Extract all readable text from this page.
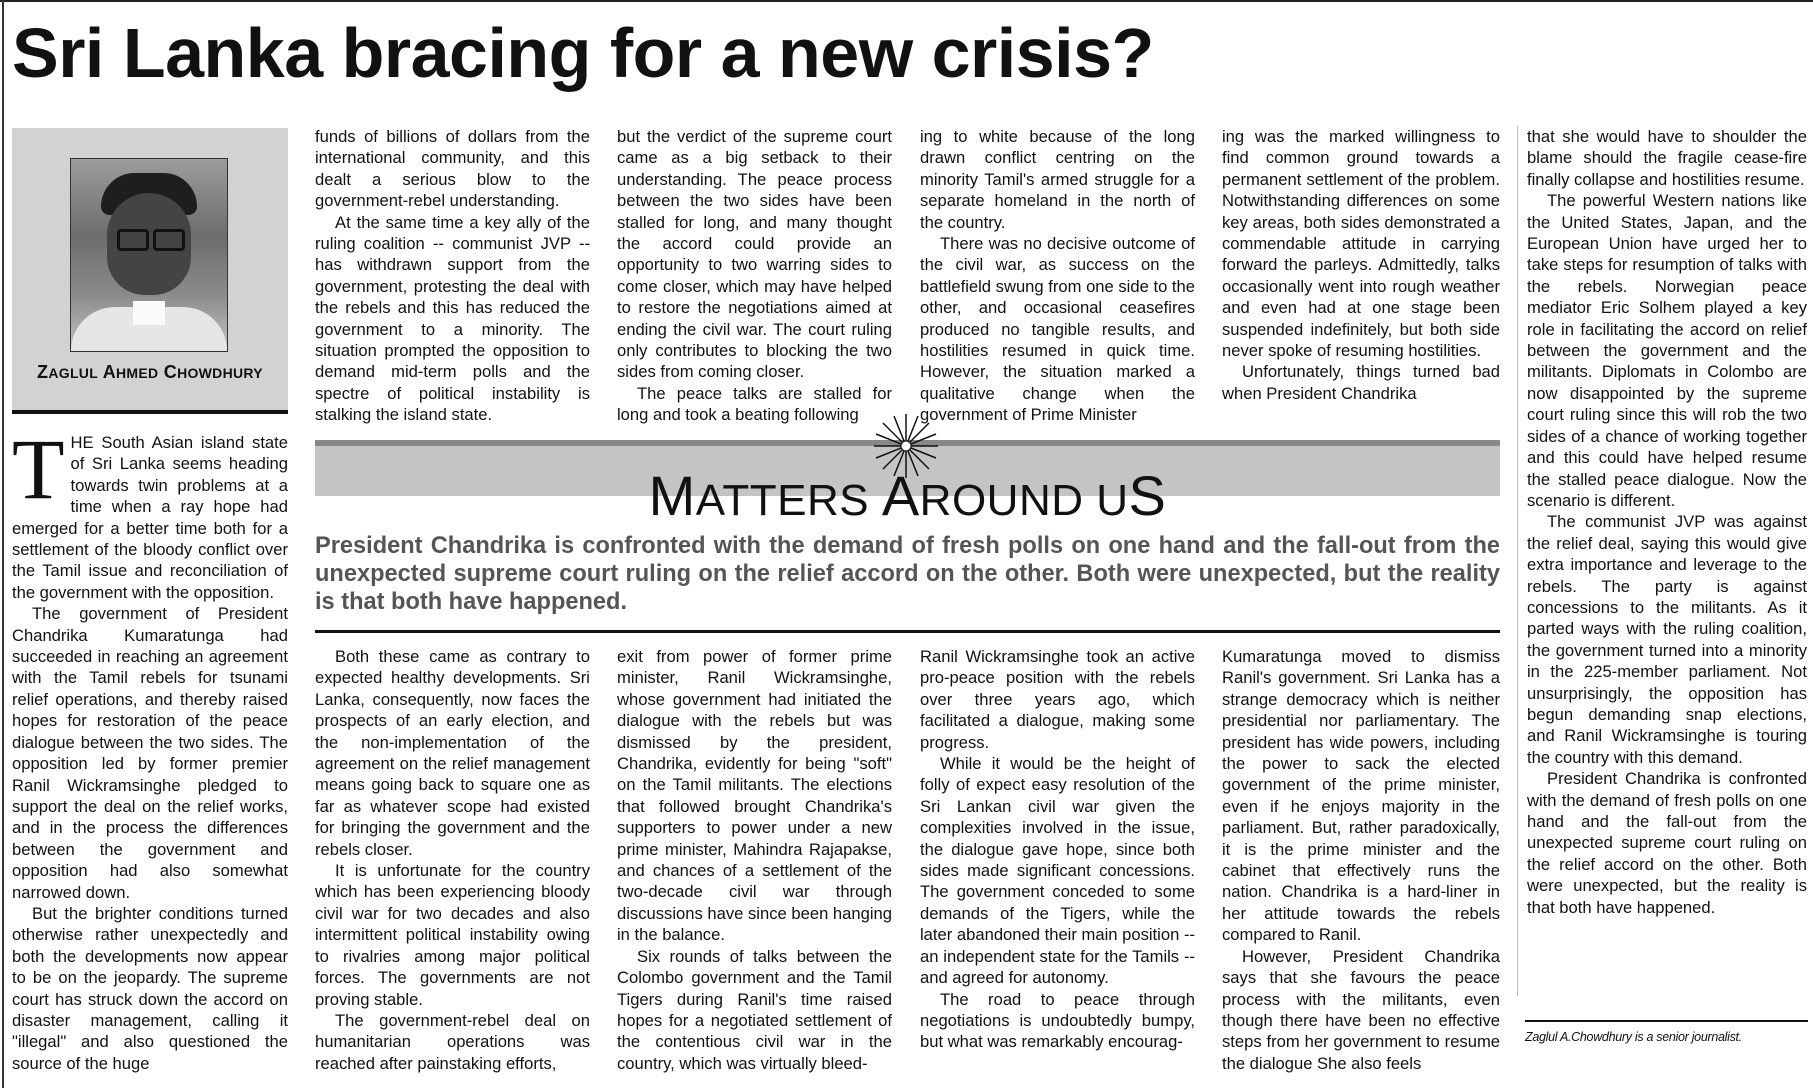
Sri Lanka bracing for a new crisis?
ZAGLUL AHMED CHOWDHURY

THE South Asian island state of Sri Lanka seems heading towards twin problems at a time when a ray hope had emerged for a better time both for a settlement of the bloody conflict over the Tamil issue and reconciliation of the government with the opposition.

The government of President Chandrika Kumaratunga had succeeded in reaching an agreement with the Tamil rebels for tsunami relief operations, and thereby raised hopes for restoration of the peace dialogue between the two sides. The opposition led by former premier Ranil Wickramsinghe pledged to support the deal on the relief works, and in the process the differences between the government and opposition had also somewhat narrowed down.

But the brighter conditions turned otherwise rather unexpectedly and both the developments now appear to be on the jeopardy. The supreme court has struck down the accord on disaster management, calling it "illegal" and also questioned the source of the huge

funds of billions of dollars from the international community, and this dealt a serious blow to the government-rebel understanding.

At the same time a key ally of the ruling coalition -- communist JVP -- has withdrawn support from the government, protesting the deal with the rebels and this has reduced the government to a minority. The situation prompted the opposition to demand mid-term polls and the spectre of political instability is stalking the island state.

but the verdict of the supreme court came as a big setback to their understanding. The peace process between the two sides have been stalled for long, and many thought the accord could provide an opportunity to two warring sides to come closer, which may have helped to restore the negotiations aimed at ending the civil war. The court ruling only contributes to blocking the two sides from coming closer.

The peace talks are stalled for long and took a beating following

ing to white because of the long drawn conflict centring on the minority Tamil's armed struggle for a separate homeland in the north of the country.

There was no decisive outcome of the civil war, as success on the battlefield swung from one side to the other, and occasional ceasefires produced no tangible results, and hostilities resumed in quick time. However, the situation marked a qualitative change when the government of Prime Minister

ing was the marked willingness to find common ground towards a permanent settlement of the problem. Notwithstanding differences on some key areas, both sides demonstrated a commendable attitude in carrying forward the parleys. Admittedly, talks occasionally went into rough weather and even had at one stage been suspended indefinitely, but both side never spoke of resuming hostilities.

Unfortunately, things turned bad when President Chandrika

that she would have to shoulder the blame should the fragile cease-fire finally collapse and hostilities resume.

The powerful Western nations like the United States, Japan, and the European Union have urged her to take steps for resumption of talks with the rebels. Norwegian peace mediator Eric Solhem played a key role in facilitating the accord on relief between the government and the militants. Diplomats in Colombo are now disappointed by the supreme court ruling since this will rob the two sides of a chance of working together and this could have helped resume the stalled peace dialogue. Now the scenario is different.

The communist JVP was against the relief deal, saying this would give extra importance and leverage to the rebels. The party is against concessions to the militants. As it parted ways with the ruling coalition, the government turned into a minority in the 225-member parliament. Not unsurprisingly, the opposition has begun demanding snap elections, and Ranil Wickramsinghe is touring the country with this demand.

President Chandrika is confronted with the demand of fresh polls on one hand and the fall-out from the unexpected supreme court ruling on the relief accord on the other. Both were unexpected, but the reality is that both have happened.

MATTERS AROUND US
President Chandrika is confronted with the demand of fresh polls on one hand and the fall-out from the unexpected supreme court ruling on the relief accord on the other. Both were unexpected, but the reality is that both have happened.

Both these came as contrary to expected healthy developments. Sri Lanka, consequently, now faces the prospects of an early election, and the non-implementation of the agreement on the relief management means going back to square one as far as whatever scope had existed for bringing the government and the rebels closer.

It is unfortunate for the country which has been experiencing bloody civil war for two decades and also intermittent political instability owing to rivalries among major political forces. The governments are not proving stable.

The government-rebel deal on humanitarian operations was reached after painstaking efforts,

exit from power of former prime minister, Ranil Wickramsinghe, whose government had initiated the dialogue with the rebels but was dismissed by the president, Chandrika, evidently for being "soft" on the Tamil militants. The elections that followed brought Chandrika's supporters to power under a new prime minister, Mahindra Rajapakse, and chances of a settlement of the two-decade civil war through discussions have since been hanging in the balance.

Six rounds of talks between the Colombo government and the Tamil Tigers during Ranil's time raised hopes for a negotiated settlement of the contentious civil war in the country, which was virtually bleed-

Ranil Wickramsinghe took an active pro-peace position with the rebels over three years ago, which facilitated a dialogue, making some progress.

While it would be the height of folly of expect easy resolution of the Sri Lankan civil war given the complexities involved in the issue, the dialogue gave hope, since both sides made significant concessions. The government conceded to some demands of the Tigers, while the later abandoned their main position -- an independent state for the Tamils -- and agreed for autonomy.

The road to peace through negotiations is undoubtedly bumpy, but what was remarkably encourag-

Kumaratunga moved to dismiss Ranil's government. Sri Lanka has a strange democracy which is neither presidential nor parliamentary. The president has wide powers, including the power to sack the elected government of the prime minister, even if he enjoys majority in the parliament. But, rather paradoxically, it is the prime minister and the cabinet that effectively runs the nation. Chandrika is a hard-liner in her attitude towards the rebels compared to Ranil.

However, President Chandrika says that she favours the peace process with the militants, even though there have been no effective steps from her government to resume the dialogue She also feels

Zaglul A.Chowdhury is a senior journalist.
